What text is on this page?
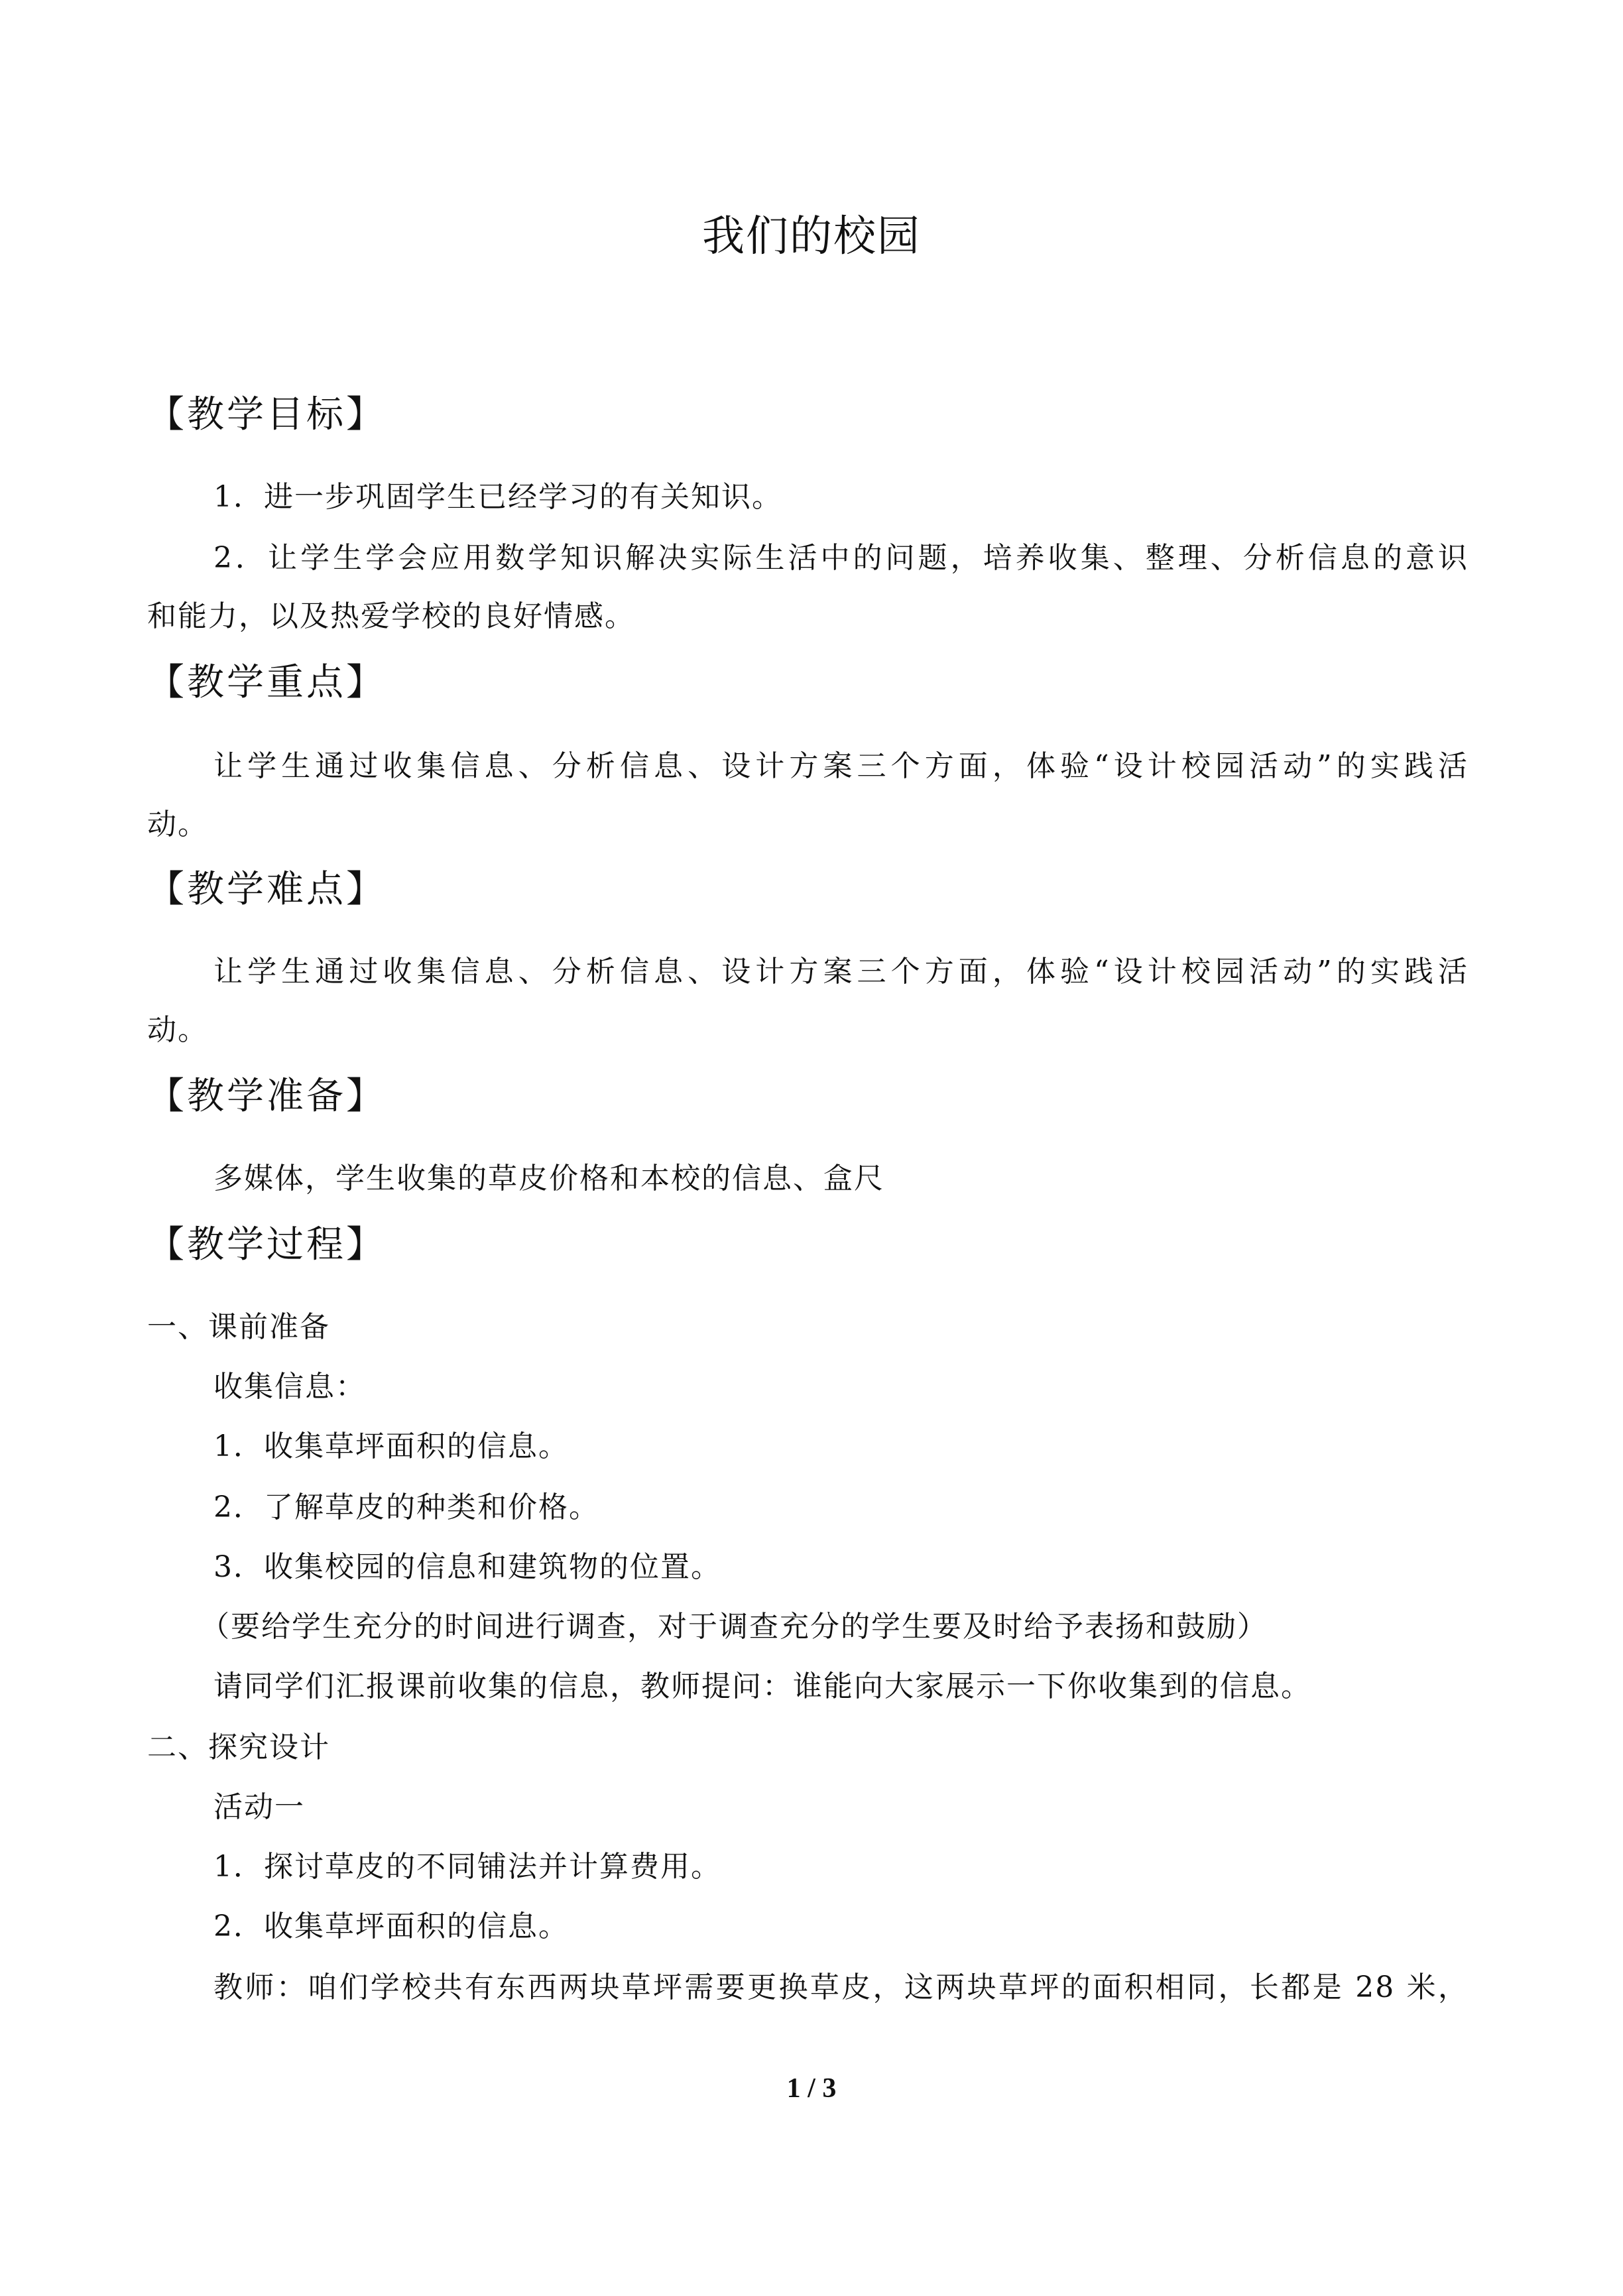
我们的校园
【教学目标】
1．进一步巩固学生已经学习的有关知识。
2．让学生学会应用数学知识解决实际生活中的问题，培养收集、整理、分析信息的意识
和能力，以及热爱学校的良好情感。
【教学重点】
让学生通过收集信息、分析信息、设计方案三个方面，体验“设计校园活动”的实践活
动。
【教学难点】
让学生通过收集信息、分析信息、设计方案三个方面，体验“设计校园活动”的实践活
动。
【教学准备】
多媒体，学生收集的草皮价格和本校的信息、盒尺
【教学过程】
一、课前准备
收集信息：
1．收集草坪面积的信息。
2．了解草皮的种类和价格。
3．收集校园的信息和建筑物的位置。
（要给学生充分的时间进行调查，对于调查充分的学生要及时给予表扬和鼓励）
请同学们汇报课前收集的信息，教师提问：谁能向大家展示一下你收集到的信息。
二、探究设计
活动一
1．探讨草皮的不同铺法并计算费用。
2．收集草坪面积的信息。
教师：咱们学校共有东西两块草坪需要更换草皮，这两块草坪的面积相同，长都是 28 米，
1 / 3
